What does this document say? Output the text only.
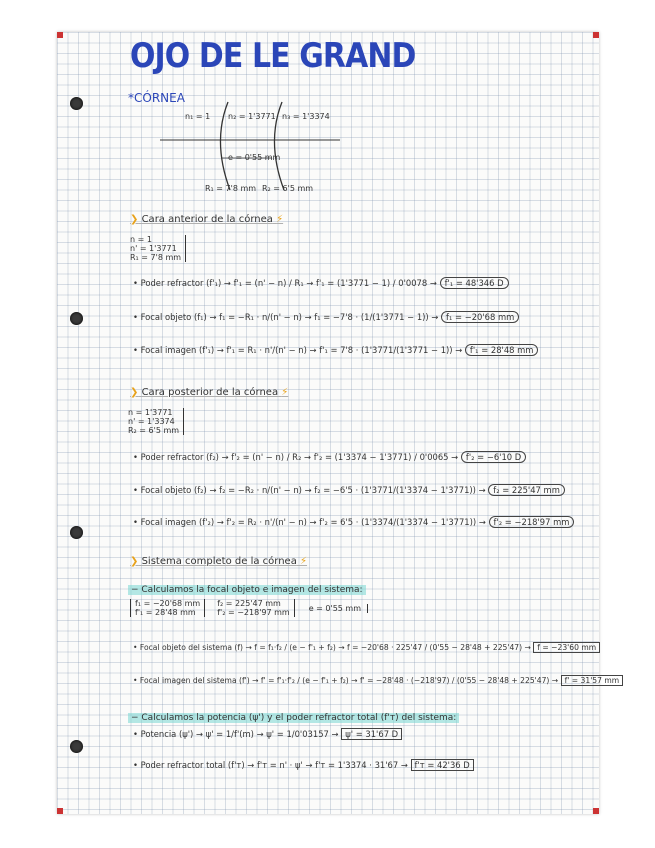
OJO DE LE GRAND
*CÓRNEA
n₁ = 1 n₂ = 1'3771 n₃ = 1'3374
e = 0'55 mm
R₁ = 7'8 mm R₂ = 6'5 mm
❯ Cara anterior de la córnea ⚡
n = 1
n' = 1'3771
R₁ = 7'8 mm
• Poder refractor (f'₁) → f'₁ = (n' − n) / R₁ → f'₁ = (1'3771 − 1) / 0'0078 → f'₁ = 48'346 D
• Focal objeto (f₁) → f₁ = −R₁ · n/(n' − n) → f₁ = −7'8 · (1/(1'3771 − 1)) → f₁ = −20'68 mm
• Focal imagen (f'₁) → f'₁ = R₁ · n'/(n' − n) → f'₁ = 7'8 · (1'3771/(1'3771 − 1)) → f'₁ = 28'48 mm
❯ Cara posterior de la córnea ⚡
n = 1'3771
n' = 1'3374
R₂ = 6'5 mm
• Poder refractor (f₂) → f'₂ = (n' − n) / R₂ → f'₂ = (1'3374 − 1'3771) / 0'0065 → f'₂ = −6'10 D
• Focal objeto (f₂) → f₂ = −R₂ · n/(n' − n) → f₂ = −6'5 · (1'3771/(1'3374 − 1'3771)) → f₂ = 225'47 mm
• Focal imagen (f'₂) → f'₂ = R₂ · n'/(n' − n) → f'₂ = 6'5 · (1'3374/(1'3374 − 1'3771)) → f'₂ = −218'97 mm
❯ Sistema completo de la córnea ⚡
− Calculamos la focal objeto e imagen del sistema:
f₁ = −20'68 mm
f'₁ = 28'48 mm
f₂ = 225'47 mm
f'₂ = −218'97 mm	e = 0'55 mm
• Focal objeto del sistema (f) → f = f₁·f₂ / (e − f'₁ + f₂) → f = −20'68 · 225'47 / (0'55 − 28'48 + 225'47) → f = −23'60 mm
• Focal imagen del sistema (f') → f' = f'₁·f'₂ / (e − f'₁ + f₂) → f' = −28'48 · (−218'97) / (0'55 − 28'48 + 225'47) → f' = 31'57 mm
− Calculamos la potencia (ψ') y el poder refractor total (f'ᴛ) del sistema:
• Potencia (ψ') → ψ' = 1/f'(m) → ψ' = 1/0'03157 → ψ' = 31'67 D
• Poder refractor total (f'ᴛ) → f'ᴛ = n' · ψ' → f'ᴛ = 1'3374 · 31'67 → f'ᴛ = 42'36 D
